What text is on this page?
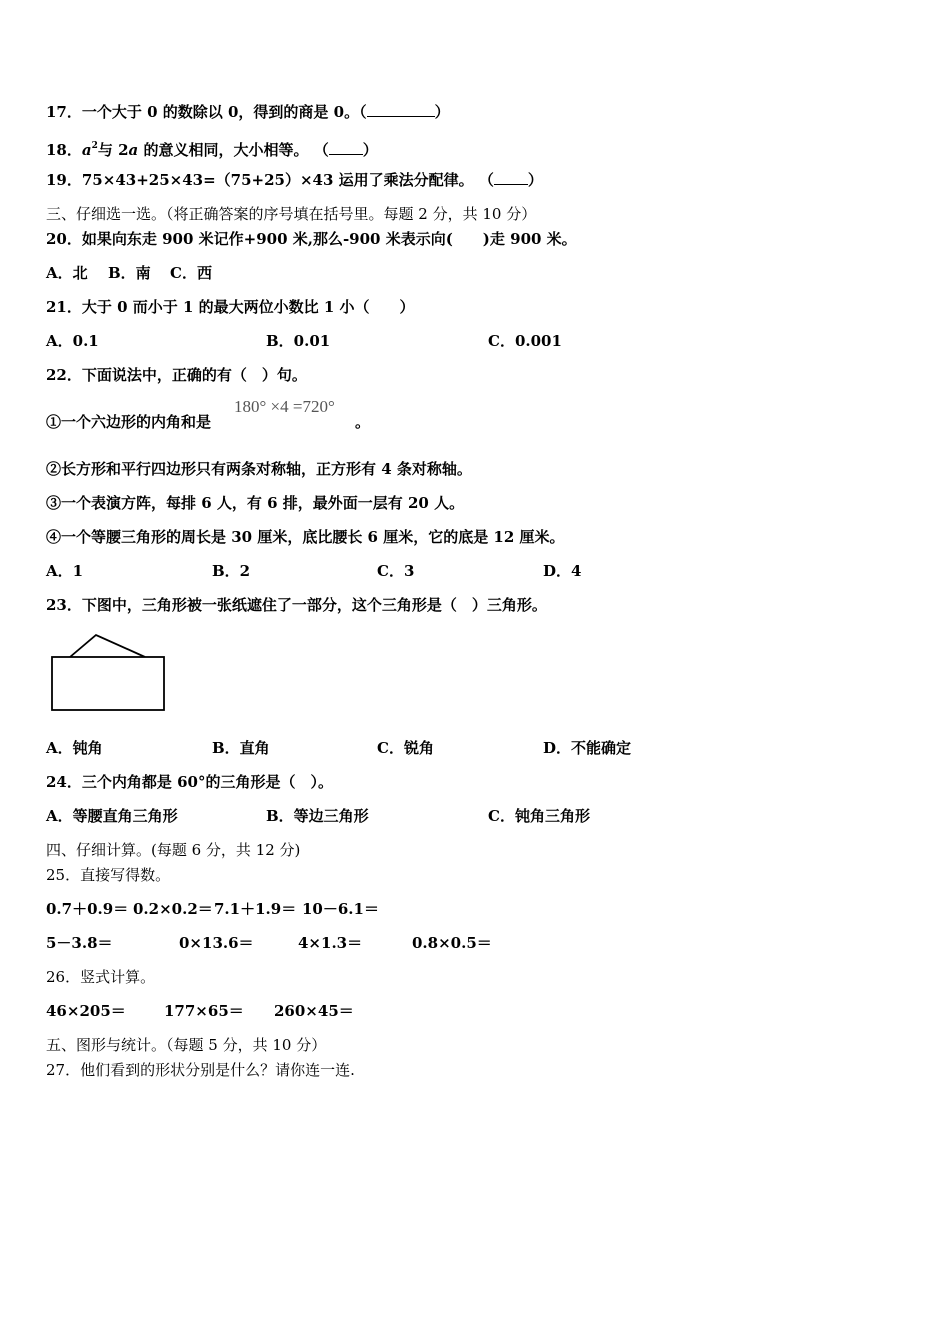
17．一个大于 0 的数除以 0，得到的商是 0。（	）
18．$a^2$与 2a 的意义相同，大小相等。 （ ）
19．75×43+25×43=（75+25）×43 运用了乘法分配律。 （ ）
三、仔细选一选。（将正确答案的序号填在括号里。每题 2 分，共 10 分）
20．如果向东走 900 米记作+900 米,那么-900 米表示向(　　)走 900 米。
A．北 B．南 C．西
21．大于 0 而小于 1 的最大两位小数比 1 小（　　）
A．0.1	B．0.01	C．0.001
22．下面说法中，正确的有（　）句。
①一个六边形的内角和是
180° ×4 =720°
。
②长方形和平行四边形只有两条对称轴，正方形有 4 条对称轴。
③一个表演方阵，每排 6 人，有 6 排，最外面一层有 20 人。
④一个等腰三角形的周长是 30 厘米，底比腰长 6 厘米，它的底是 12 厘米。
A．1	B．2	C．3	D．4
23．下图中，三角形被一张纸遮住了一部分，这个三角形是（　）三角形。
A．钝角	B．直角	C．锐角	D．不能确定
24．三个内角都是 60°的三角形是（　）。
A．等腰直角三角形	B．等边三角形	C．钝角三角形
四、仔细计算。(每题 6 分，共 12 分)
25．直接写得数。
0.7＋0.9＝ 0.2×0.2＝ 7.1＋1.9＝ 10－6.1＝
5－3.8＝	0×13.6＝	4×1.3＝	0.8×0.5＝
26．竖式计算。
46×205＝	177×65＝ 260×45＝
五、图形与统计。（每题 5 分，共 10 分）
27．他们看到的形状分别是什么？请你连一连.
